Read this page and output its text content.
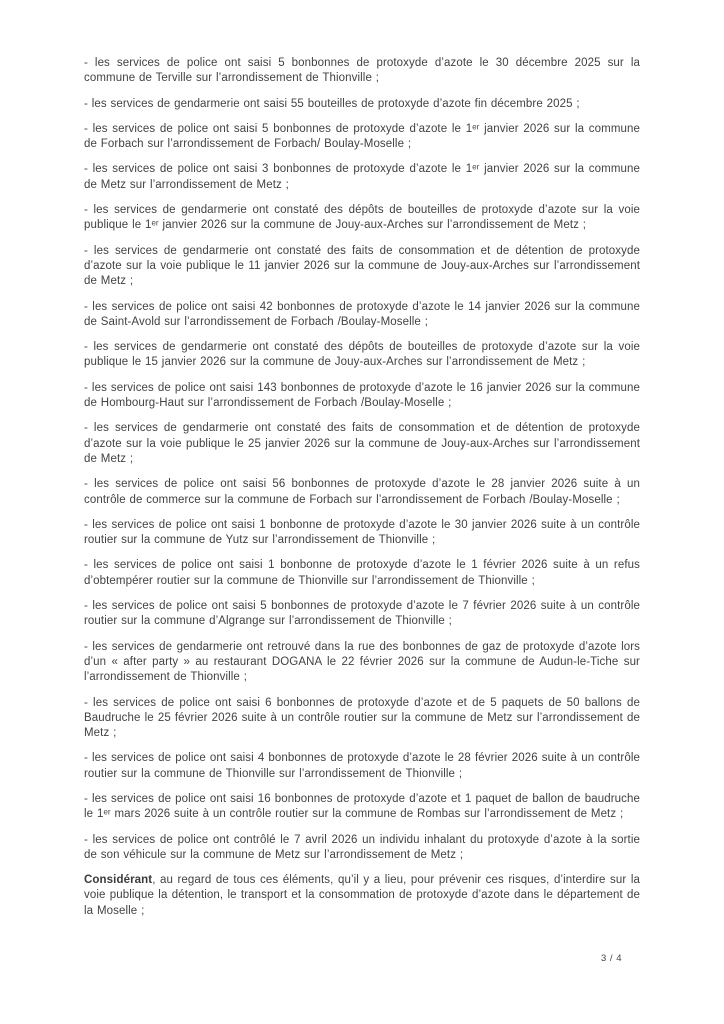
- les services de police ont saisi 5 bonbonnes de protoxyde d’azote le 30 décembre 2025 sur la commune de Terville sur l’arrondissement de Thionville ;

- les services de gendarmerie ont saisi 55 bouteilles de protoxyde d’azote fin décembre 2025 ;

- les services de police ont saisi 5 bonbonnes de protoxyde d’azote le 1ᵉʳ janvier 2026 sur la commune de Forbach sur l’arrondissement de Forbach/ Boulay-Moselle ;

- les services de police ont saisi 3 bonbonnes de protoxyde d’azote le 1ᵉʳ janvier 2026 sur la commune de Metz sur l’arrondissement de Metz ;

- les services de gendarmerie ont constaté des dépôts de bouteilles de protoxyde d’azote sur la voie publique le 1ᵉʳ janvier 2026 sur la commune de Jouy-aux-Arches sur l’arrondissement de Metz ;

- les services de gendarmerie ont constaté des faits de consommation et de détention de protoxyde d’azote sur la voie publique le 11 janvier 2026 sur la commune de Jouy-aux-Arches sur l’arrondissement de Metz ;

- les services de police ont saisi 42 bonbonnes de protoxyde d’azote le 14 janvier 2026 sur la commune de Saint-Avold sur l’arrondissement de Forbach /Boulay-Moselle ;

- les services de gendarmerie ont constaté des dépôts de bouteilles de protoxyde d’azote sur la voie publique le 15 janvier 2026 sur la commune de Jouy-aux-Arches sur l’arrondissement de Metz ;

- les services de police ont saisi 143 bonbonnes de protoxyde d’azote le 16 janvier 2026 sur la commune de Hombourg-Haut sur l’arrondissement de Forbach /Boulay-Moselle ;

- les services de gendarmerie ont constaté des faits de consommation et de détention de protoxyde d’azote sur la voie publique le 25 janvier 2026 sur la commune de Jouy-aux-Arches sur l’arrondissement de Metz ;

- les services de police ont saisi 56 bonbonnes de protoxyde d’azote le 28 janvier 2026 suite à un contrôle de commerce sur la commune de Forbach sur l’arrondissement de Forbach /Boulay-Moselle ;

- les services de police ont saisi 1 bonbonne de protoxyde d’azote le 30 janvier 2026 suite à un contrôle routier sur la commune de Yutz sur l’arrondissement de Thionville ;

- les services de police ont saisi 1 bonbonne de protoxyde d’azote le 1 février 2026 suite à un refus d’obtempérer routier sur la commune de Thionville sur l’arrondissement de Thionville ;

- les services de police ont saisi 5 bonbonnes de protoxyde d’azote le 7 février 2026 suite à un contrôle routier sur la commune d’Algrange sur l’arrondissement de Thionville ;

- les services de gendarmerie ont retrouvé dans la rue des bonbonnes de gaz de protoxyde d’azote lors d’un « after party » au restaurant DOGANA le 22 février 2026 sur la commune de Audun-le-Tiche sur l’arrondissement de Thionville ;

- les services de police ont saisi 6 bonbonnes de protoxyde d’azote et de 5 paquets de 50 ballons de Baudruche le 25 février 2026 suite à un contrôle routier sur la commune de Metz sur l’arrondissement de Metz ;

- les services de police ont saisi 4 bonbonnes de protoxyde d’azote le 28 février 2026 suite à un contrôle routier sur la commune de Thionville sur l’arrondissement de Thionville ;

- les services de police ont saisi 16 bonbonnes de protoxyde d’azote et 1 paquet de ballon de baudruche le 1ᵉʳ mars 2026 suite à un contrôle routier sur la commune de Rombas sur l’arrondissement de Metz ;

- les services de police ont contrôlé le 7 avril 2026 un individu inhalant du protoxyde d’azote à la sortie de son véhicule sur la commune de Metz sur l’arrondissement de Metz ;

Considérant, au regard de tous ces éléments, qu’il y a lieu, pour prévenir ces risques, d’interdire sur la voie publique la détention, le transport et la consommation de protoxyde d’azote dans le département de la Moselle ;

3 / 4
